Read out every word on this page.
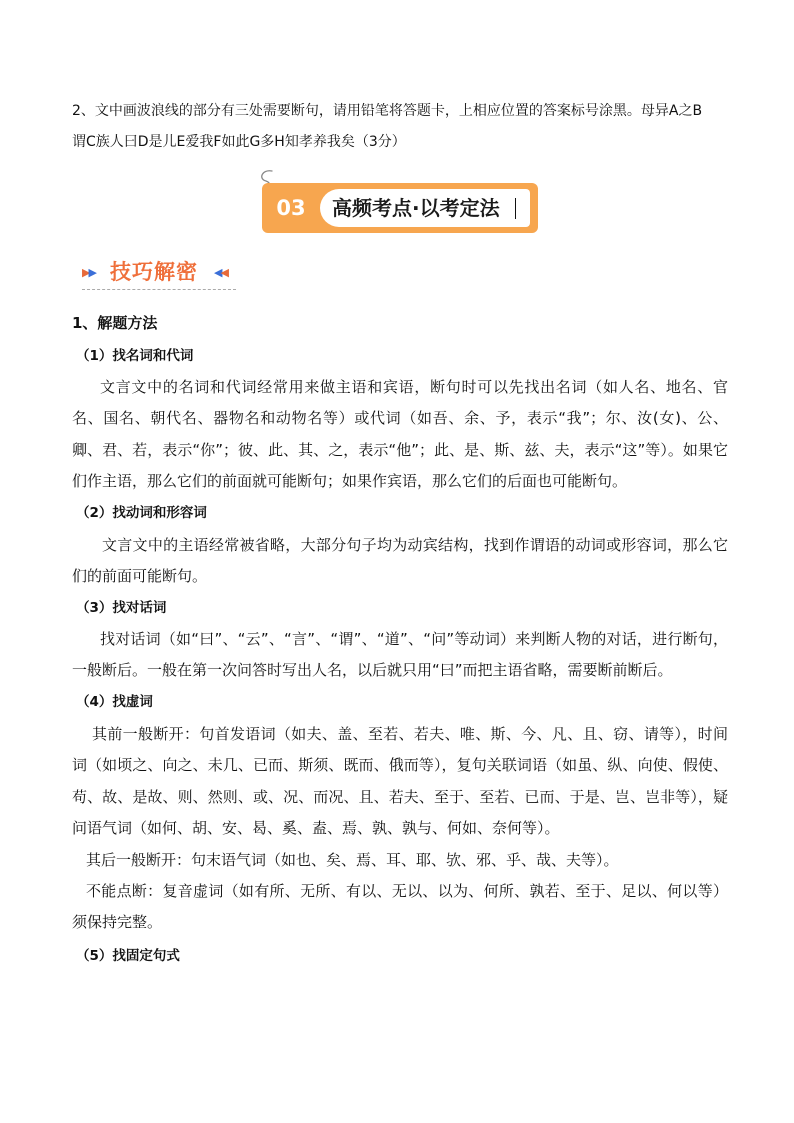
2、文中画波浪线的部分有三处需要断句，请用铅笔将答题卡，上相应位置的答案标号涂黑。母异A之B
谓C族人曰D是儿E爱我F如此G多H知孝养我矣（3分）
03	高频考点·以考定法
▶▶ 技巧解密 ◀◀
1、解题方法
（1）找名词和代词

文言文中的名词和代词经常用来做主语和宾语，断句时可以先找出名词（如人名、地名、官名、国名、朝代名、器物名和动物名等）或代词（如吾、余、予，表示“我”；尔、汝(女)、公、卿、君、若，表示“你”；彼、此、其、之，表示“他”；此、是、斯、兹、夫，表示“这”等）。如果它们作主语，那么它们的前面就可能断句；如果作宾语，那么它们的后面也可能断句。

（2）找动词和形容词

文言文中的主语经常被省略，大部分句子均为动宾结构，找到作谓语的动词或形容词，那么它们的前面可能断句。

（3）找对话词

找对话词（如“曰”、“云”、“言”、“谓”、“道”、“问”等动词）来判断人物的对话，进行断句，一般断后。一般在第一次问答时写出人名，以后就只用“曰”而把主语省略，需要断前断后。

（4）找虚词

其前一般断开：句首发语词（如夫、盖、至若、若夫、唯、斯、今、凡、且、窃、请等），时间词（如顷之、向之、未几、已而、斯须、既而、俄而等），复句关联词语（如虽、纵、向使、假使、苟、故、是故、则、然则、或、况、而况、且、若夫、至于、至若、已而、于是、岂、岂非等），疑问语气词（如何、胡、安、曷、奚、盍、焉、孰、孰与、何如、奈何等）。

其后一般断开：句末语气词（如也、矣、焉、耳、耶、欤、邪、乎、哉、夫等）。

不能点断：复音虚词（如有所、无所、有以、无以、以为、何所、孰若、至于、足以、何以等）须保持完整。

（5）找固定句式
